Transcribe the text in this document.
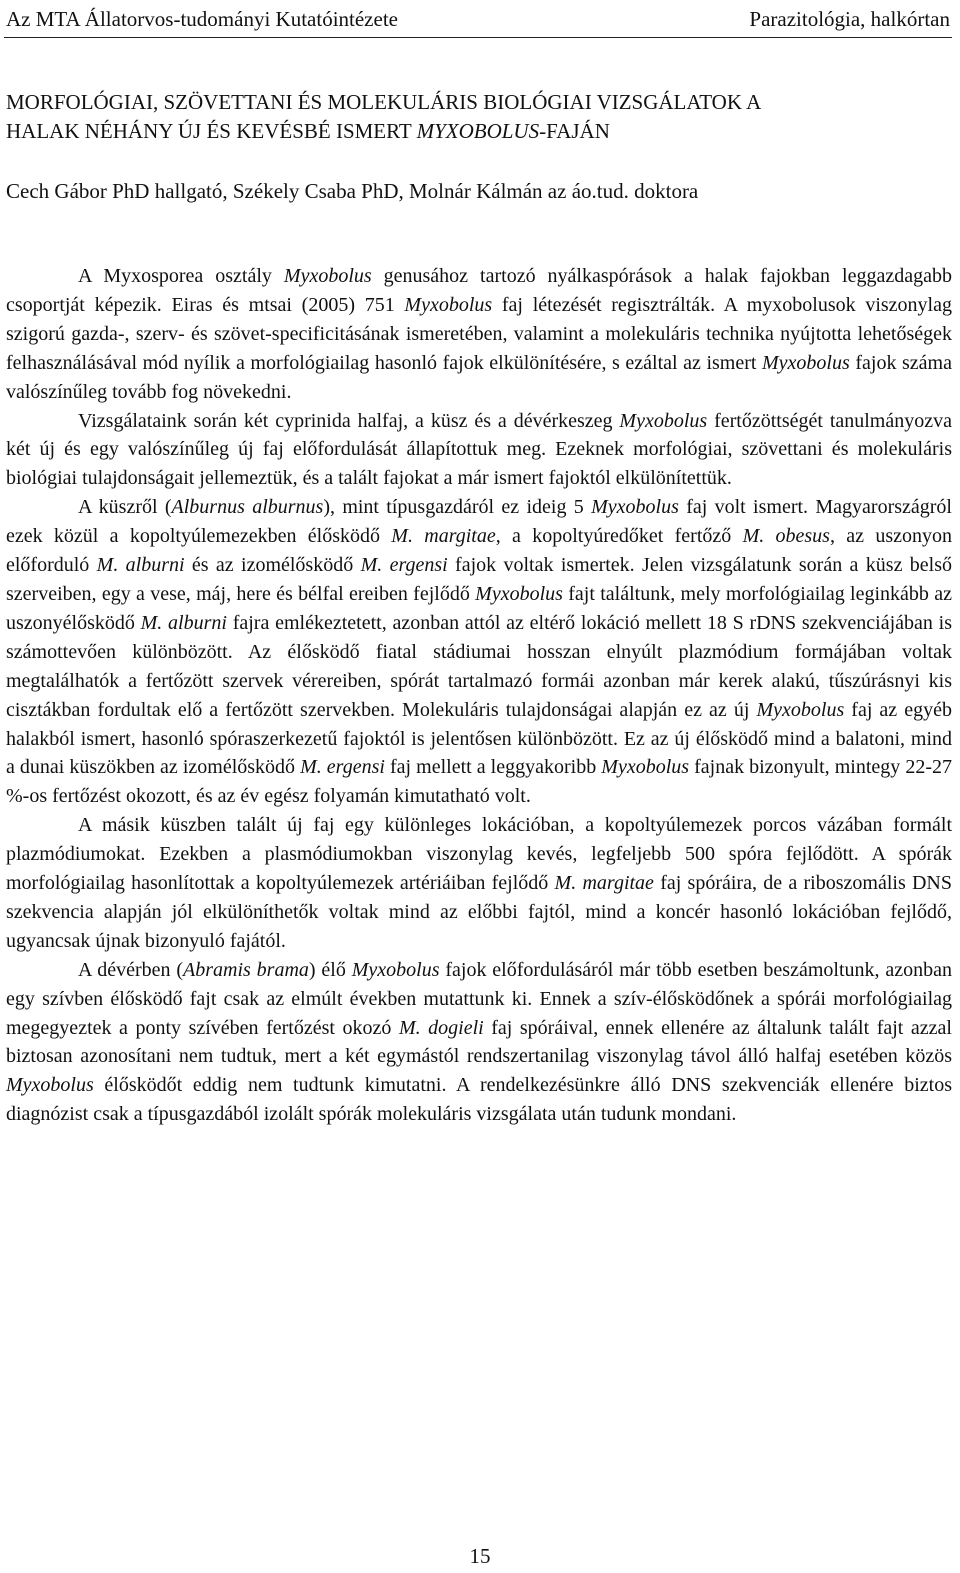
Az MTA Állatorvos-tudományi Kutatóintézete	Parazitológia, halkórtan
MORFOLÓGIAI, SZÖVETTANI ÉS MOLEKULÁRIS BIOLÓGIAI VIZSGÁLATOK A
HALAK NÉHÁNY ÚJ ÉS KEVÉSBÉ ISMERT MYXOBOLUS-FAJÁN
Cech Gábor PhD hallgató, Székely Csaba PhD, Molnár Kálmán az áo.tud. doktora

A Myxosporea osztály Myxobolus genusához tartozó nyálkaspórások a halak fajokban leggazdagabb csoportját képezik. Eiras és mtsai (2005) 751 Myxobolus faj létezését regisztrálták. A myxobolusok viszonylag szigorú gazda-, szerv- és szövet-specificitásának ismeretében, valamint a molekuláris technika nyújtotta lehetőségek felhasználásával mód nyílik a morfológiailag hasonló fajok elkülönítésére, s ezáltal az ismert Myxobolus fajok száma valószínűleg tovább fog növekedni.

Vizsgálataink során két cyprinida halfaj, a küsz és a dévérkeszeg Myxobolus fertőzöttségét tanulmányozva két új és egy valószínűleg új faj előfordulását állapítottuk meg. Ezeknek morfológiai, szövettani és molekuláris biológiai tulajdonságait jellemeztük, és a talált fajokat a már ismert fajoktól elkülönítettük.

A küszről (Alburnus alburnus), mint típusgazdáról ez ideig 5 Myxobolus faj volt ismert. Magyarországról ezek közül a kopoltyúlemezekben élősködő M. margitae, a kopoltyúredőket fertőző M. obesus, az uszonyon előforduló M. alburni és az izomélősködő M. ergensi fajok voltak ismertek. Jelen vizsgálatunk során a küsz belső szerveiben, egy a vese, máj, here és bélfal ereiben fejlődő Myxobolus fajt találtunk, mely morfológiailag leginkább az uszonyélősködő M. alburni fajra emlékeztetett, azonban attól az eltérő lokáció mellett 18 S rDNS szekvenciájában is számottevően különbözött. Az élősködő fiatal stádiumai hosszan elnyúlt plazmódium formájában voltak megtalálhatók a fertőzött szervek vérereiben, spórát tartalmazó formái azonban már kerek alakú, tűszúrásnyi kis cisztákban fordultak elő a fertőzött szervekben. Molekuláris tulajdonságai alapján ez az új Myxobolus faj az egyéb halakból ismert, hasonló spóraszerkezetű fajoktól is jelentősen különbözött. Ez az új élősködő mind a balatoni, mind a dunai küszökben az izomélősködő M. ergensi faj mellett a leggyakoribb Myxobolus fajnak bizonyult, mintegy 22-27 %-os fertőzést okozott, és az év egész folyamán kimutatható volt.

A másik küszben talált új faj egy különleges lokációban, a kopoltyúlemezek porcos vázában formált plazmódiumokat. Ezekben a plasmódiumokban viszonylag kevés, legfeljebb 500 spóra fejlődött. A spórák morfológiailag hasonlítottak a kopoltyúlemezek artériáiban fejlődő M. margitae faj spóráira, de a riboszomális DNS szekvencia alapján jól elkülöníthetők voltak mind az előbbi fajtól, mind a koncér hasonló lokációban fejlődő, ugyancsak újnak bizonyuló fajától.

A dévérben (Abramis brama) élő Myxobolus fajok előfordulásáról már több esetben beszámoltunk, azonban egy szívben élősködő fajt csak az elmúlt években mutattunk ki. Ennek a szív-élősködőnek a spórái morfológiailag megegyeztek a ponty szívében fertőzést okozó M. dogieli faj spóráival, ennek ellenére az általunk talált fajt azzal biztosan azonosítani nem tudtuk, mert a két egymástól rendszertanilag viszonylag távol álló halfaj esetében közös Myxobolus élősködőt eddig nem tudtunk kimutatni. A rendelkezésünkre álló DNS szekvenciák ellenére biztos diagnózist csak a típusgazdából izolált spórák molekuláris vizsgálata után tudunk mondani.

15
